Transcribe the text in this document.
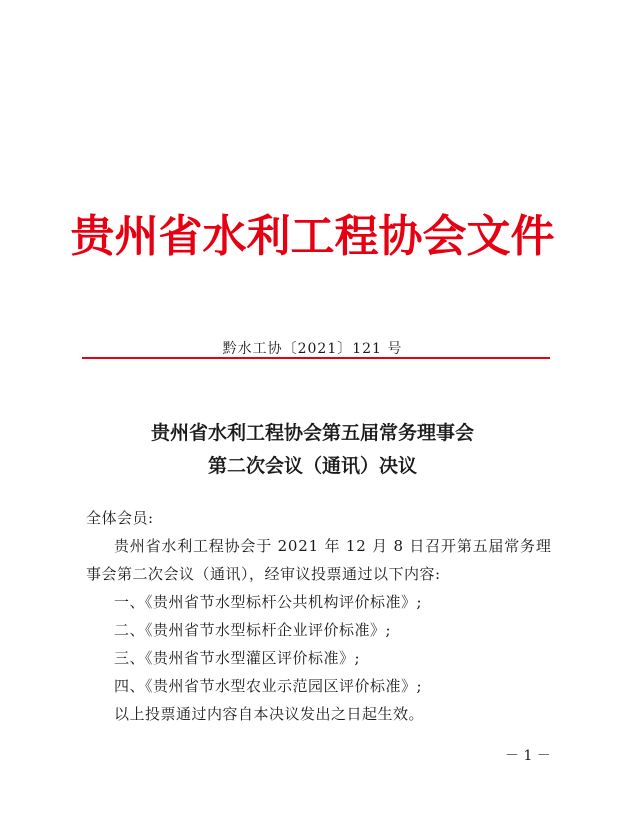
贵州省水利工程协会文件
黔水工协〔2021〕121 号
贵州省水利工程协会第五届常务理事会
第二次会议（通讯）决议
全体会员:
贵州省水利工程协会于 2021 年 12 月 8 日召开第五届常务理
事会第二次会议（通讯），经审议投票通过以下内容:
一、《贵州省节水型标杆公共机构评价标准》;
二、《贵州省节水型标杆企业评价标准》;
三、《贵州省节水型灌区评价标准》;
四、《贵州省节水型农业示范园区评价标准》;
以上投票通过内容自本决议发出之日起生效。
－ 1 －
